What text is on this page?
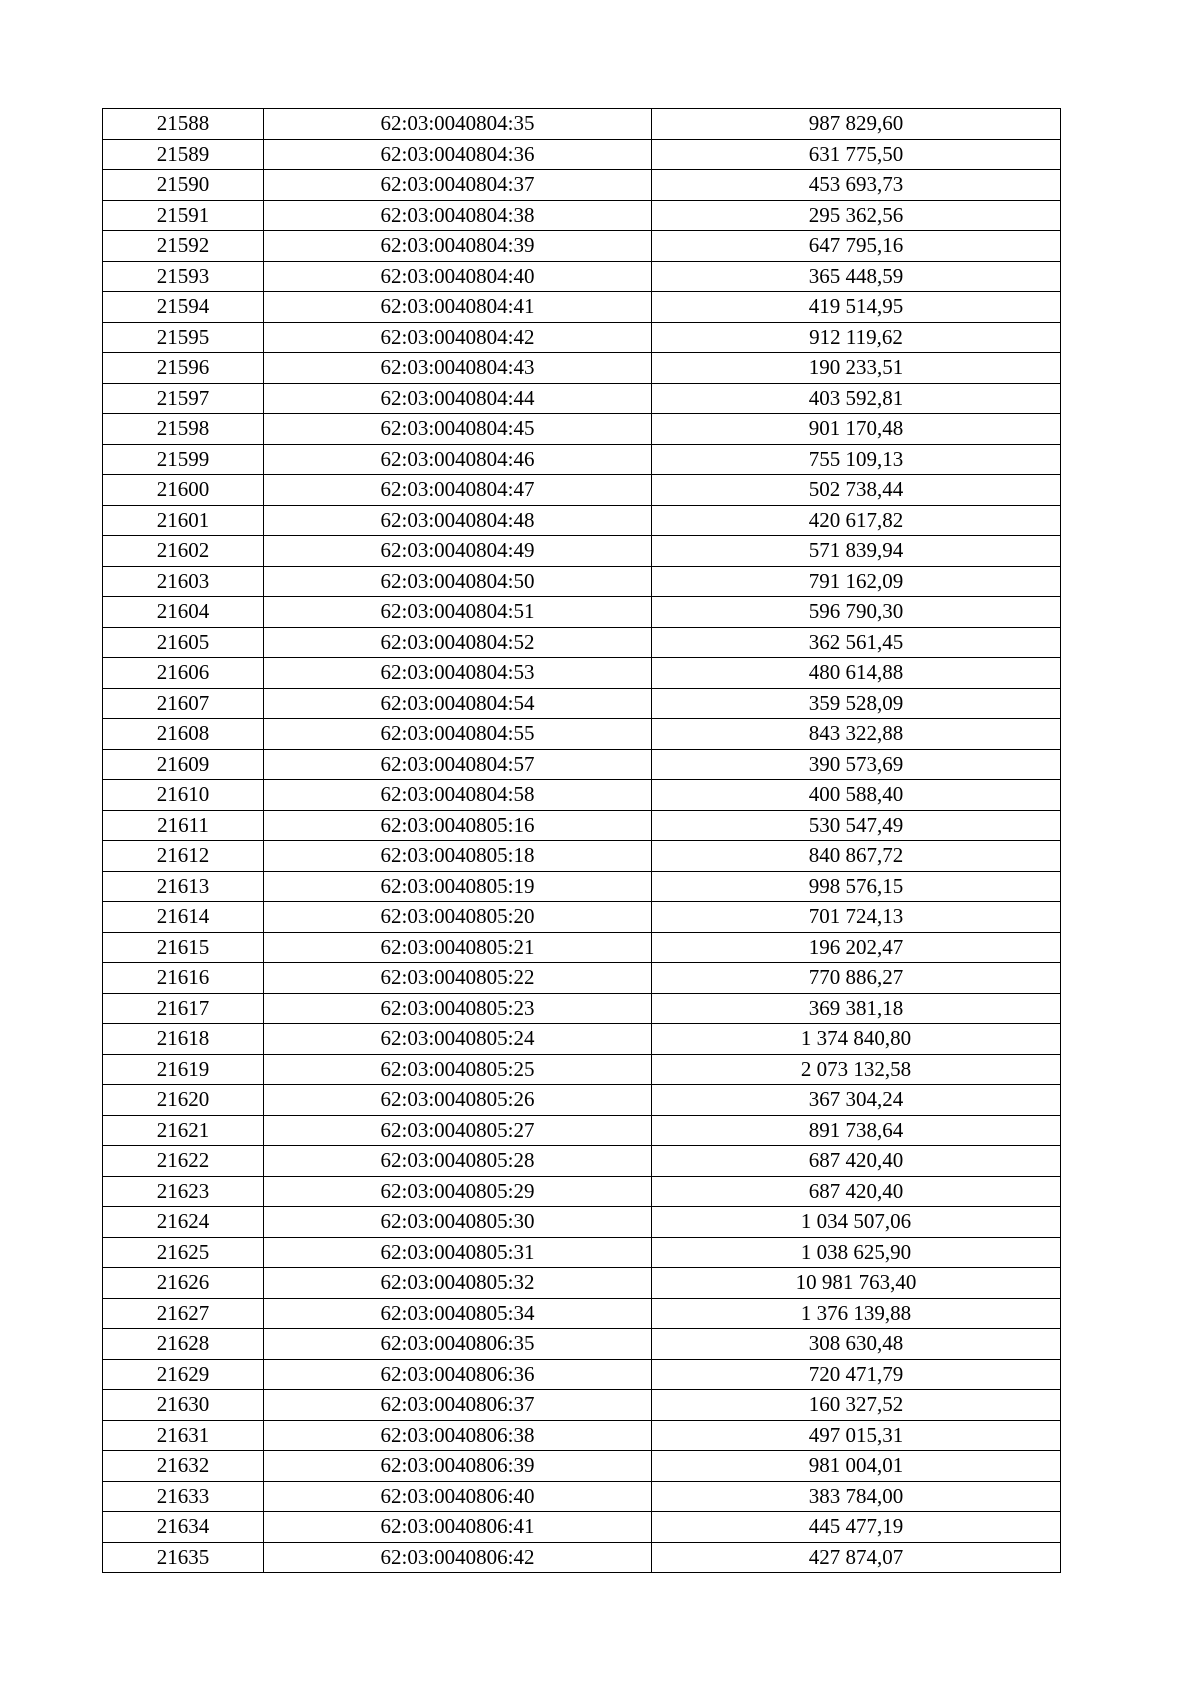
21588	62:03:0040804:35	987 829,60
21589	62:03:0040804:36	631 775,50
21590	62:03:0040804:37	453 693,73
21591	62:03:0040804:38	295 362,56
21592	62:03:0040804:39	647 795,16
21593	62:03:0040804:40	365 448,59
21594	62:03:0040804:41	419 514,95
21595	62:03:0040804:42	912 119,62
21596	62:03:0040804:43	190 233,51
21597	62:03:0040804:44	403 592,81
21598	62:03:0040804:45	901 170,48
21599	62:03:0040804:46	755 109,13
21600	62:03:0040804:47	502 738,44
21601	62:03:0040804:48	420 617,82
21602	62:03:0040804:49	571 839,94
21603	62:03:0040804:50	791 162,09
21604	62:03:0040804:51	596 790,30
21605	62:03:0040804:52	362 561,45
21606	62:03:0040804:53	480 614,88
21607	62:03:0040804:54	359 528,09
21608	62:03:0040804:55	843 322,88
21609	62:03:0040804:57	390 573,69
21610	62:03:0040804:58	400 588,40
21611	62:03:0040805:16	530 547,49
21612	62:03:0040805:18	840 867,72
21613	62:03:0040805:19	998 576,15
21614	62:03:0040805:20	701 724,13
21615	62:03:0040805:21	196 202,47
21616	62:03:0040805:22	770 886,27
21617	62:03:0040805:23	369 381,18
21618	62:03:0040805:24	1 374 840,80
21619	62:03:0040805:25	2 073 132,58
21620	62:03:0040805:26	367 304,24
21621	62:03:0040805:27	891 738,64
21622	62:03:0040805:28	687 420,40
21623	62:03:0040805:29	687 420,40
21624	62:03:0040805:30	1 034 507,06
21625	62:03:0040805:31	1 038 625,90
21626	62:03:0040805:32	10 981 763,40
21627	62:03:0040805:34	1 376 139,88
21628	62:03:0040806:35	308 630,48
21629	62:03:0040806:36	720 471,79
21630	62:03:0040806:37	160 327,52
21631	62:03:0040806:38	497 015,31
21632	62:03:0040806:39	981 004,01
21633	62:03:0040806:40	383 784,00
21634	62:03:0040806:41	445 477,19
21635	62:03:0040806:42	427 874,07
